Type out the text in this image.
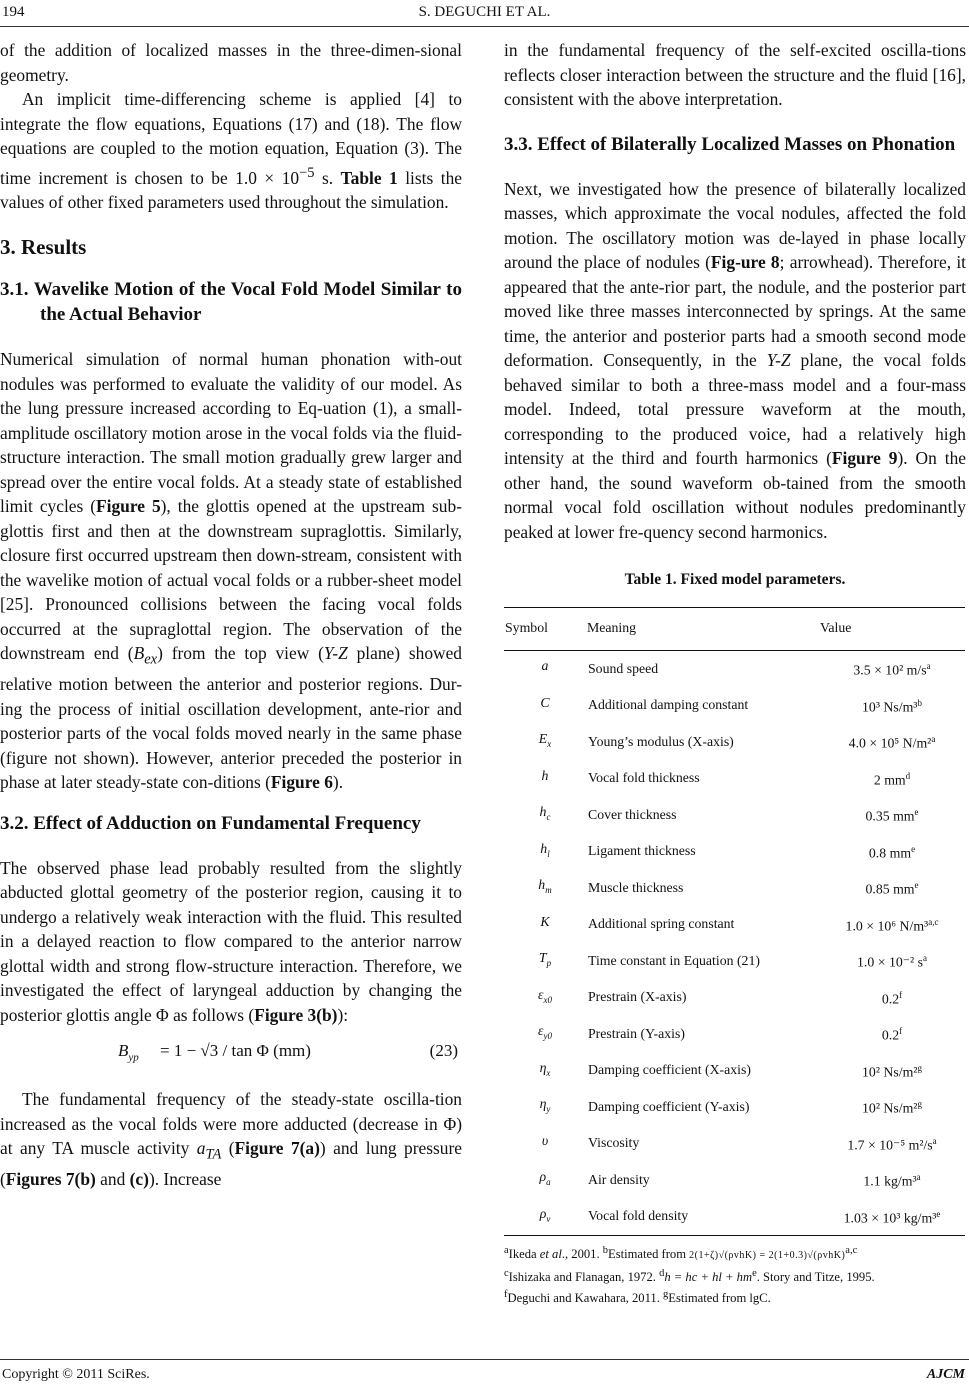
194	S. DEGUCHI ET AL.

of the addition of localized masses in the three-dimen-sional geometry.

An implicit time-differencing scheme is applied [4] to integrate the flow equations, Equations (17) and (18). The flow equations are coupled to the motion equation, Equation (3). The time increment is chosen to be $1.0 \times 10^{-5}$ s. Table 1 lists the values of other fixed parameters used throughout the simulation.

3. Results
3.1. Wavelike Motion of the Vocal Fold Model Similar to the Actual Behavior

Numerical simulation of normal human phonation with-out nodules was performed to evaluate the validity of our model. As the lung pressure increased according to Eq-uation (1), a small-amplitude oscillatory motion arose in the vocal folds via the fluid-structure interaction. The small motion gradually grew larger and spread over the entire vocal folds. At a steady state of established limit cycles (Figure 5), the glottis opened at the upstream sub-glottis first and then at the downstream supraglottis. Similarly, closure first occurred upstream then down-stream, consistent with the wavelike motion of actual vocal folds or a rubber-sheet model [25]. Pronounced collisions between the facing vocal folds occurred at the supraglottal region. The observation of the downstream end $(B_{ex})$ from the top view (Y-Z plane) showed relative motion between the anterior and posterior regions. Dur-ing the process of initial oscillation development, ante-rior and posterior parts of the vocal folds moved nearly in the same phase (figure not shown). However, anterior preceded the posterior in phase at later steady-state con-ditions (Figure 6).

3.2. Effect of Adduction on Fundamental Frequency

The observed phase lead probably resulted from the slightly abducted glottal geometry of the posterior region, causing it to undergo a relatively weak interaction with the fluid. This resulted in a delayed reaction to flow compared to the anterior narrow glottal width and strong flow-structure interaction. Therefore, we investigated the effect of laryngeal adduction by changing the posterior glottis angle Φ as follows (Figure 3(b)):

$B_{yp} = 1 - √3 / \tan \Phi$ (mm)	(23)

The fundamental frequency of the steady-state oscilla-tion increased as the vocal folds were more adducted (decrease in Φ) at any TA muscle activity $a_{TA}$ (Figure 7(a)) and lung pressure (Figures 7(b) and (c)). Increase

in the fundamental frequency of the self-excited oscilla-tions reflects closer interaction between the structure and the fluid [16], consistent with the above interpretation.

3.3. Effect of Bilaterally Localized Masses on Phonation

Next, we investigated how the presence of bilaterally localized masses, which approximate the vocal nodules, affected the fold motion. The oscillatory motion was de-layed in phase locally around the place of nodules (Fig-ure 8; arrowhead). Therefore, it appeared that the ante-rior part, the nodule, and the posterior part moved like three masses interconnected by springs. At the same time, the anterior and posterior parts had a smooth second mode deformation. Consequently, in the Y-Z plane, the vocal folds behaved similar to both a three-mass model and a four-mass model. Indeed, total pressure waveform at the mouth, corresponding to the produced voice, had a relatively high intensity at the third and fourth harmonics (Figure 9). On the other hand, the sound waveform ob-tained from the smooth normal vocal fold oscillation without nodules predominantly peaked at lower fre-quency second harmonics.

Table 1. Fixed model parameters.
Symbol	Meaning	Value
a	Sound speed	3.5 × 10² $m/s^a$
C	Additional damping constant	10³ Ns/m³$^b$
$E_x$	Young’s modulus (X-axis)	4.0 × 10⁵ N/m²$^a$
h	Vocal fold thickness	2 $mm^d$
$h_c$	Cover thickness	0.35 $mm^e$
$h_l$	Ligament thickness	0.8 $mm^e$
$h_m$	Muscle thickness	0.85 $mm^e$
K	Additional spring constant	1.0 × 10⁶ N/m³$^{a,c}$
$T_p$	Time constant in Equation (21)	1.0 × 10⁻² $s^a$
$\varepsilon_{x0}$	Prestrain (X-axis)	0.2$^f$
$\varepsilon_{y0}$	Prestrain (Y-axis)	0.2$^f$
$\eta_x$	Damping coefficient (X-axis)	10² Ns/m²$^g$
$\eta_y$	Damping coefficient (Y-axis)	10² Ns/m²$^g$
υ	Viscosity	1.7 × 10⁻⁵ $m^2/s^a$
$\rho_a$	Air density	1.1 kg/m³$^a$
$\rho_v$	Vocal fold density	1.03 × 10³ kg/m³$^e$
$^a$Ikeda et al., 2001. $^b$Estimated from $2(1+\zeta)√(\rho vhK) = 2(1+0.3)√(\rho vhK)^{a,c}$
$^c$Ishizaka and Flanagan, 1972. $^d$h = hc + hl + $hm^e$. Story and Titze, 1995.
$^f$Deguchi and Kawahara, 2011. $^g$Estimated from lgC.
Copyright © 2011 SciRes.	AJCM
